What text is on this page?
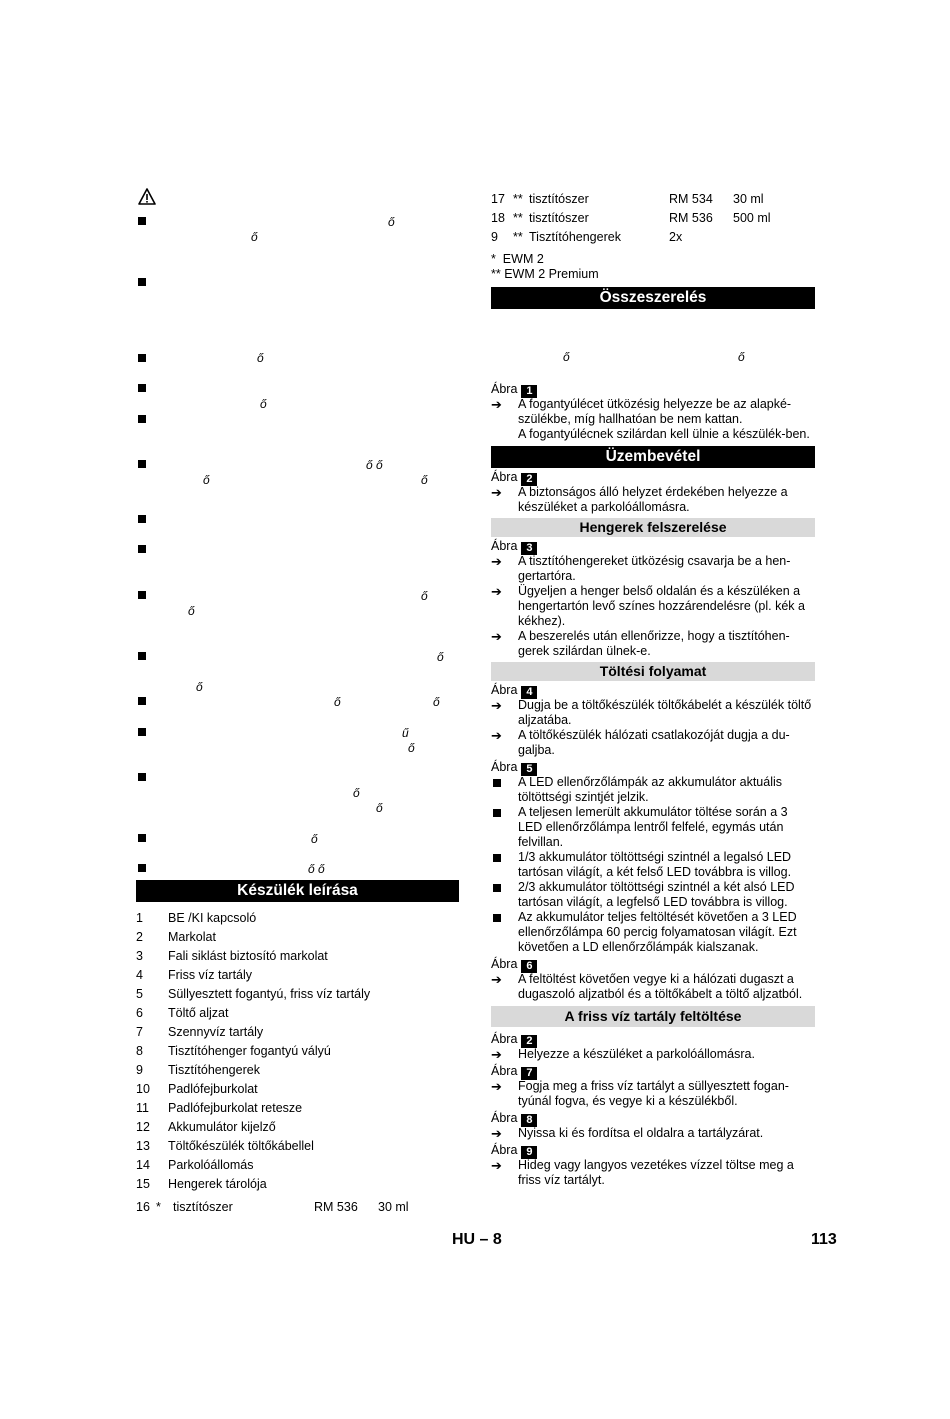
ő
ő
ő
ő
ő ő
ő	ő
ő
ő
ő
ő
ő	ő
ű
ő
ő
ő
ő
ő ő
Készülék leírása
1 BE /KI kapcsoló
2 Markolat
3 Fali siklást biztosító markolat
4 Friss víz tartály
5 Süllyesztett fogantyú, friss víz tartály
6 Töltő aljzat
7 Szennyvíz tartály
8 Tisztítóhenger fogantyú vályú
9 Tisztítóhengerek
10 Padlófejburkolat
11 Padlófejburkolat retesze
12 Akkumulátor kijelző
13 Töltőkészülék töltőkábellel
14 Parkolóállomás
15 Hengerek tárolója
16 * tisztítószer	RM 536 30 ml
17 ** tisztítószer	RM 534 30 ml
18 ** tisztítószer	RM 536 500 ml
9 ** Tisztítóhengerek	2x
*  EWM 2
** EWM 2 Premium
Összeszerelés
ő	ő
Ábra 1
➔ A fogantyúlécet ütközésig helyezze be az alapké-szülékbe, míg hallhatóan be nem kattan.
A fogantyúlécnek szilárdan kell ülnie a készülék-ben.
Üzembevétel
Ábra 2
➔ A biztonságos álló helyzet érdekében helyezze a készüléket a parkolóállomásra.
Hengerek felszerelése
Ábra 3
➔ A tisztítóhengereket ütközésig csavarja be a hen-gertartóra.
➔ Ügyeljen a henger belső oldalán és a készüléken a hengertartón levő színes hozzárendelésre (pl. kék a kékhez).
➔ A beszerelés után ellenőrizze, hogy a tisztítóhen-gerek szilárdan ülnek-e.
Töltési folyamat
Ábra 4
➔ Dugja be a töltőkészülék töltőkábelét a készülék töltő aljzatába.
➔ A töltőkészülék hálózati csatlakozóját dugja a du-galjba.
Ábra 5
A LED ellenőrzőlámpák az akkumulátor aktuális töltöttségi szintjét jelzik.
A teljesen lemerült akkumulátor töltése során a 3 LED ellenőrzőlámpa lentről felfelé, egymás után felvillan.
1/3 akkumulátor töltöttségi szintnél a legalsó LED tartósan világít, a két felső LED továbbra is villog.
2/3 akkumulátor töltöttségi szintnél a két alsó LED tartósan világít, a legfelső LED továbbra is villog.
Az akkumulátor teljes feltöltését követően a 3 LED ellenőrzőlámpa 60 percig folyamatosan világít. Ezt követően a LD ellenőrzőlámpák kialszanak.
Ábra 6
➔ A feltöltést követően vegye ki a hálózati dugaszt a dugaszoló aljzatból és a töltőkábelt a töltő aljzatból.
A friss víz tartály feltöltése
Ábra 2
➔ Helyezze a készüléket a parkolóállomásra.
Ábra 7
➔ Fogja meg a friss víz tartályt a süllyesztett fogan-tyúnál fogva, és vegye ki a készülékből.
Ábra 8
➔ Nyissa ki és fordítsa el oldalra a tartályzárat.
Ábra 9
➔ Hideg vagy langyos vezetékes vízzel töltse meg a friss víz tartályt.
HU – 8	113
